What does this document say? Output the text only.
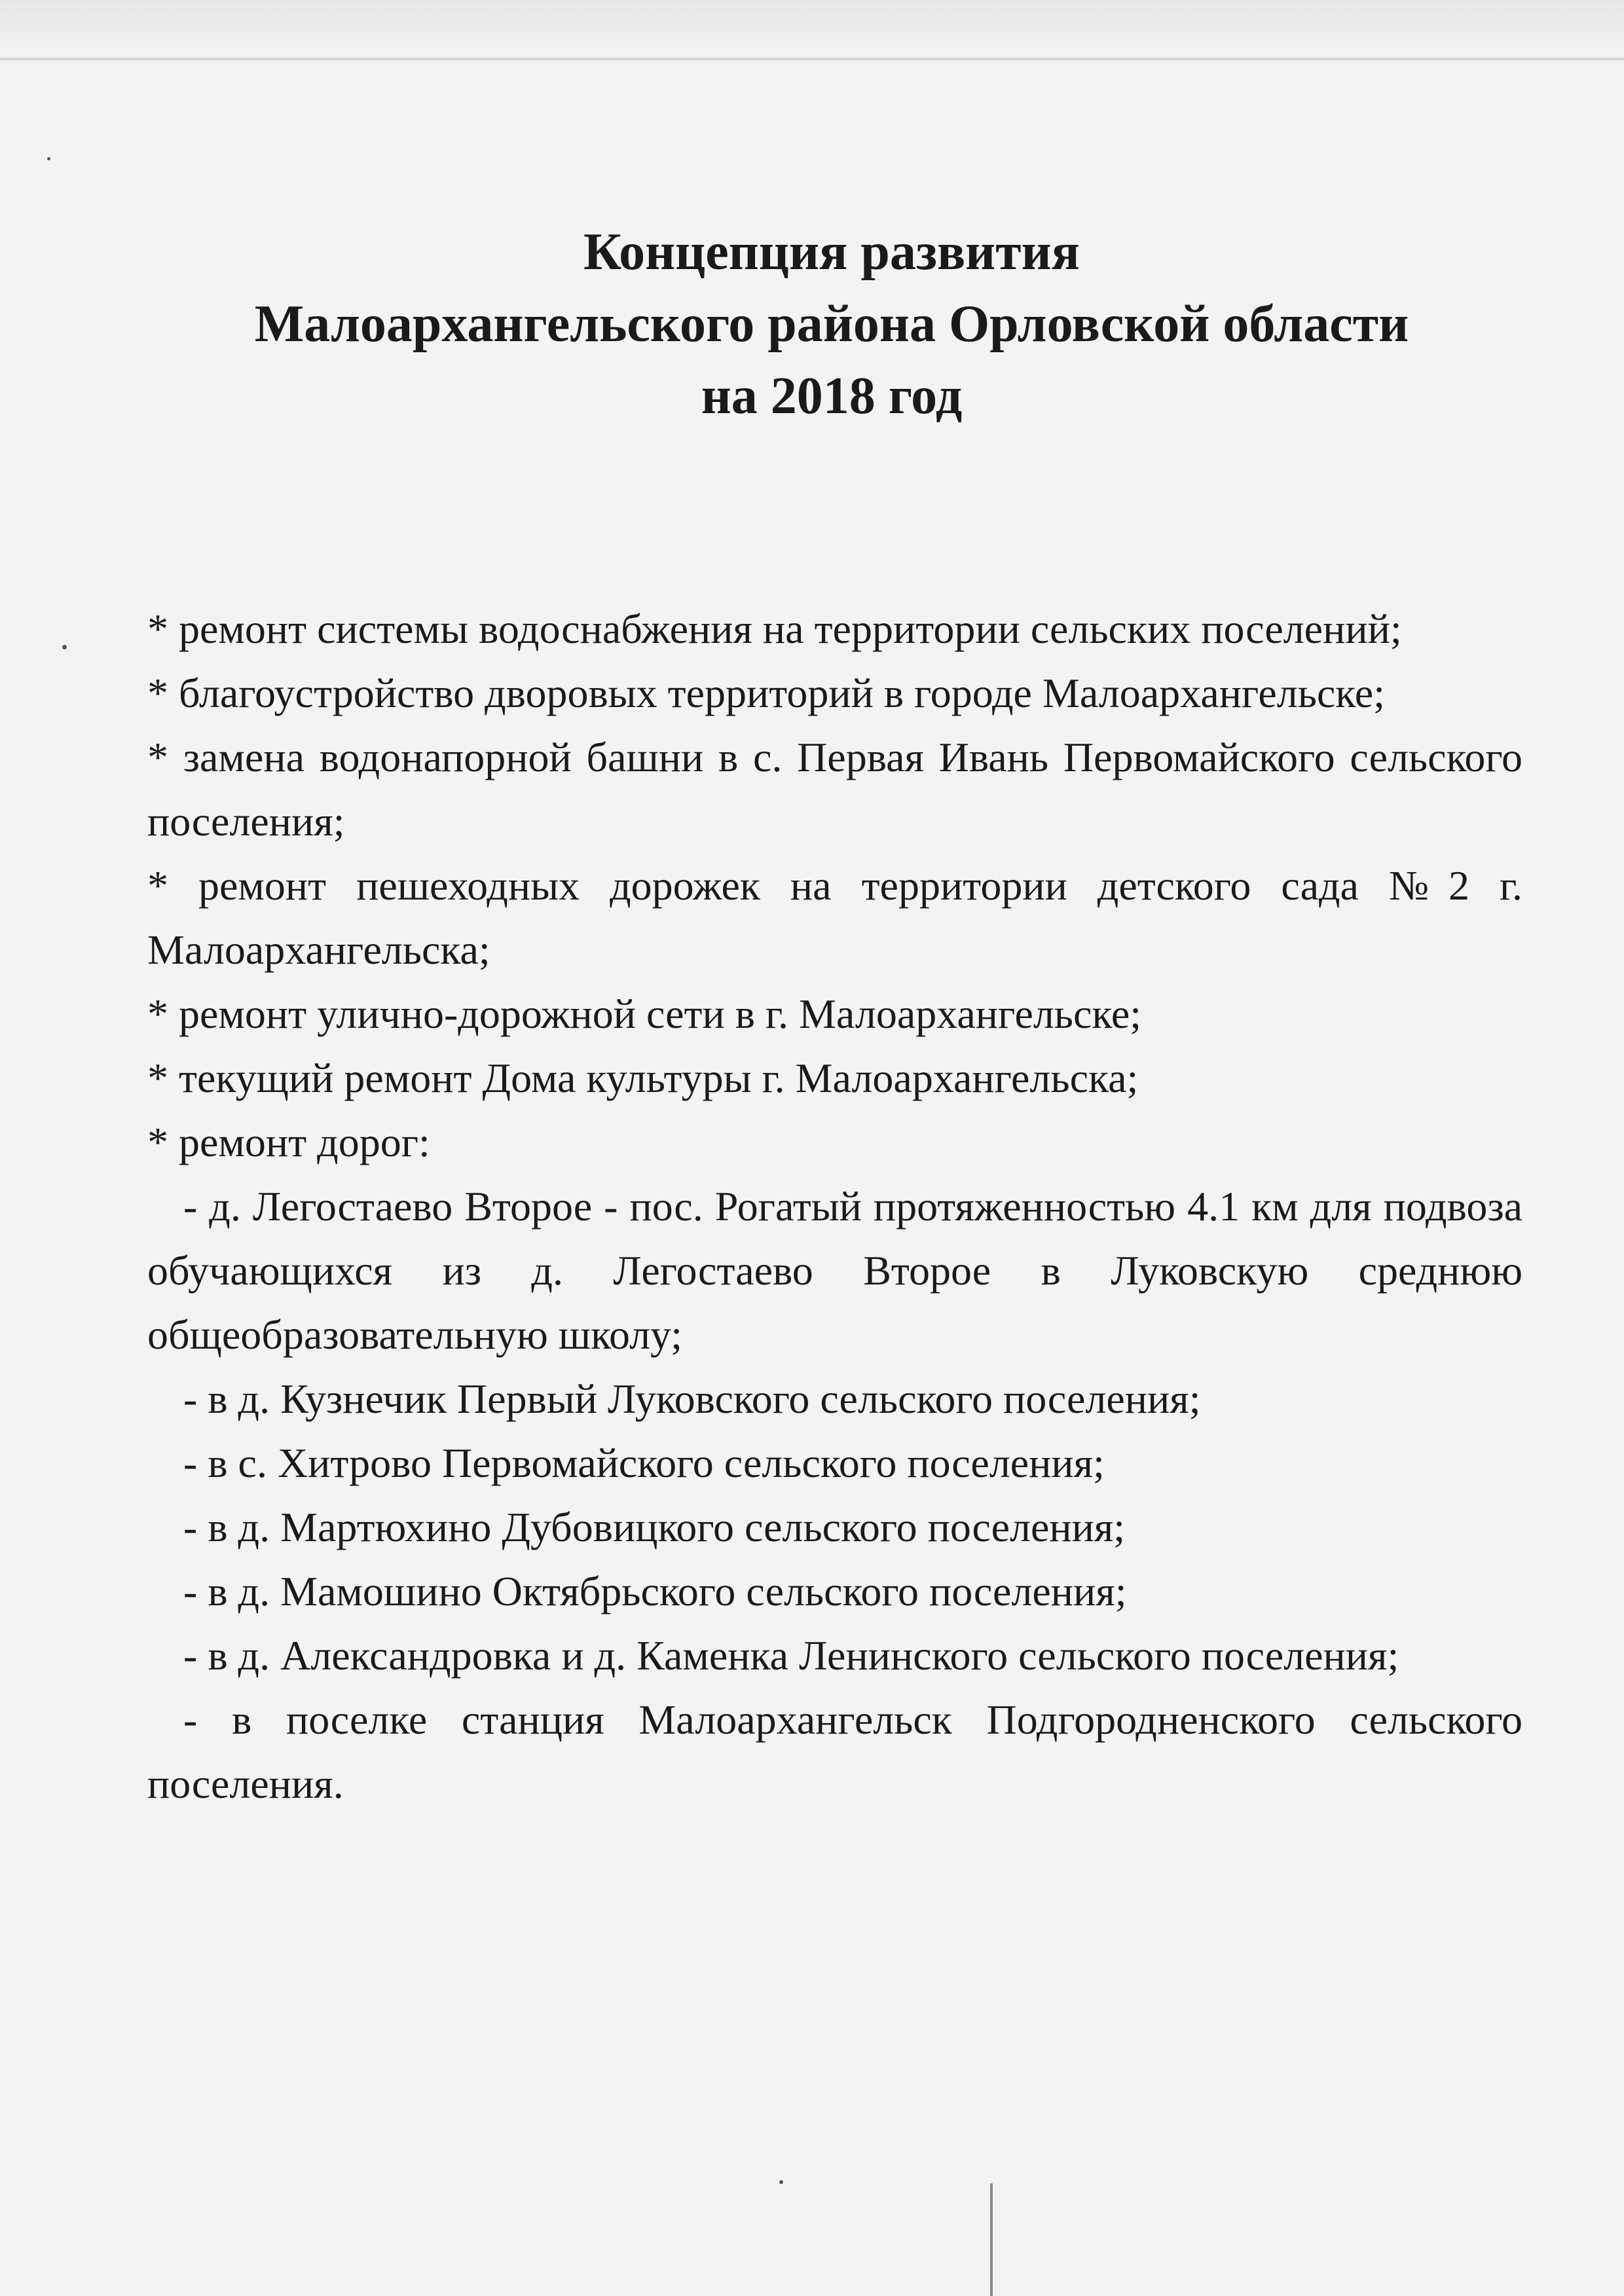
Концепция развития
Малоархангельского района Орловской области
на 2018 год

* ремонт системы водоснабжения на территории сельских поселений;

* благоустройство дворовых территорий в городе Малоархангельске;

* замена водонапорной башни в с. Первая Ивань Первомайского сельского поселения;

* ремонт пешеходных дорожек на территории детского сада №2 г. Малоархангельска;

* ремонт улично-дорожной сети в г. Малоархангельске;

* текущий ремонт Дома культуры г. Малоархангельска;

* ремонт дорог:

- д. Легостаево Второе - пос. Рогатый протяженностью 4.1 км для подвоза обучающихся из д. Легостаево Второе в Луковскую среднюю общеобразовательную школу;

- в д. Кузнечик Первый Луковского сельского поселения;

- в с. Хитрово Первомайского сельского поселения;

- в д. Мартюхино Дубовицкого сельского поселения;

- в д. Мамошино Октябрьского сельского поселения;

- в д. Александровка и д. Каменка Ленинского сельского поселения;

- в поселке станция Малоархангельск Подгородненского сельского поселения.
